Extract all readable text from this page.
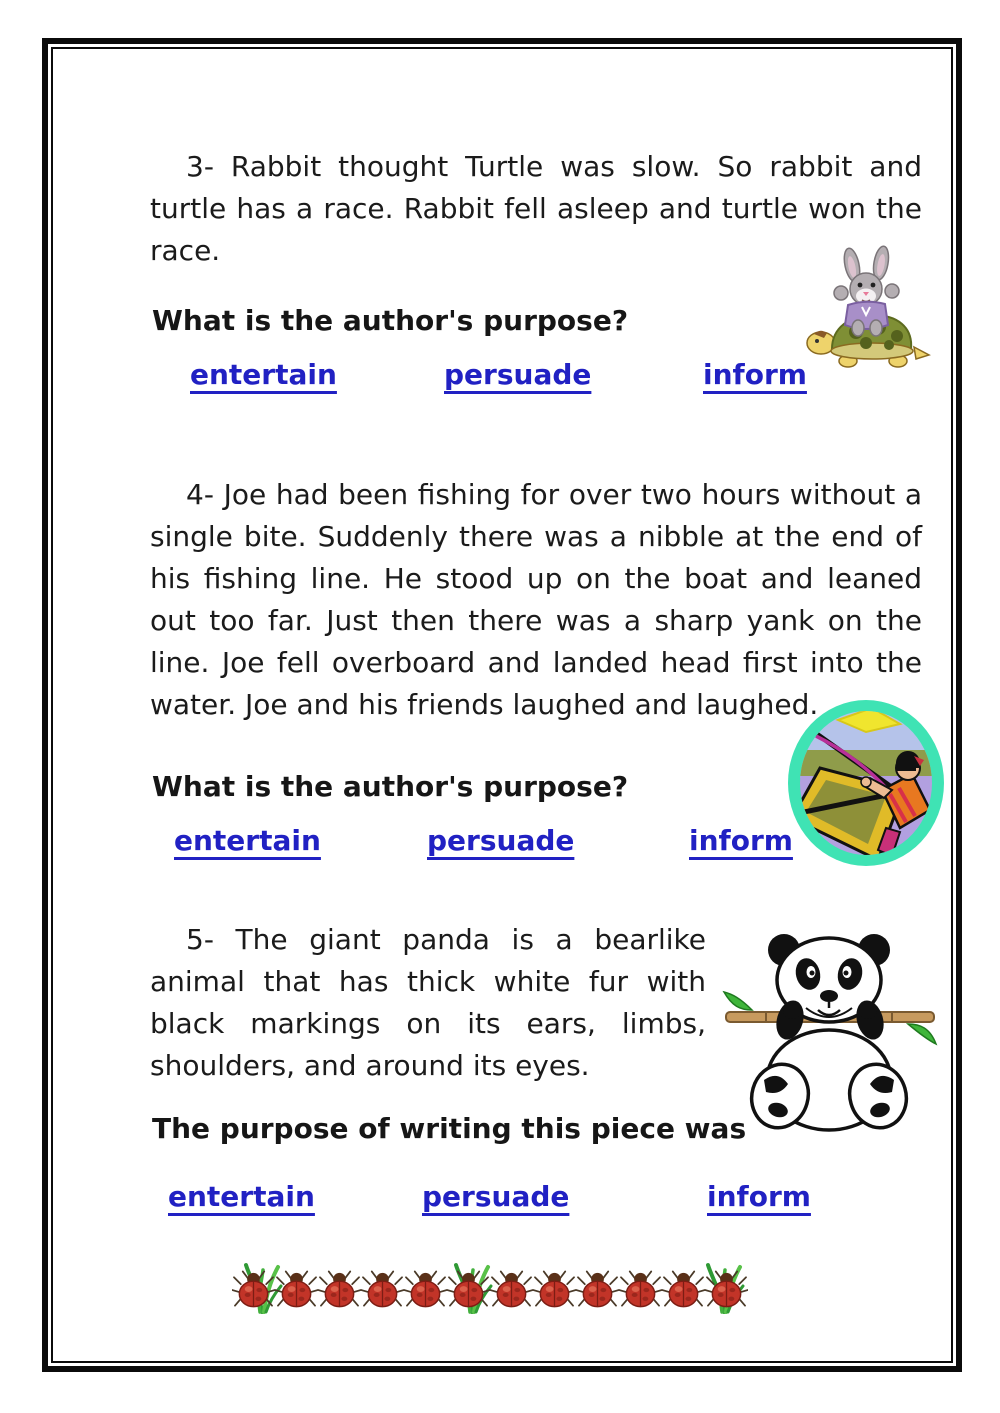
3- Rabbit thought Turtle was slow. So rabbit and turtle has a race. Rabbit fell asleep and turtle won the race.

What is the author's purpose?

entertain	persuade	inform

4- Joe had been fishing for over two hours without a single bite. Suddenly there was a nibble at the end of his fishing line. He stood up on the boat and leaned out too far. Just then there was a sharp yank on the line. Joe fell overboard and landed head first into the water. Joe and his friends laughed and laughed.

What is the author's purpose?

entertain	persuade	inform

5- The giant panda is a bearlike animal that has thick white fur with black markings on its ears, limbs, shoulders, and around its eyes.

The purpose of writing this piece was

entertain	persuade	inform
